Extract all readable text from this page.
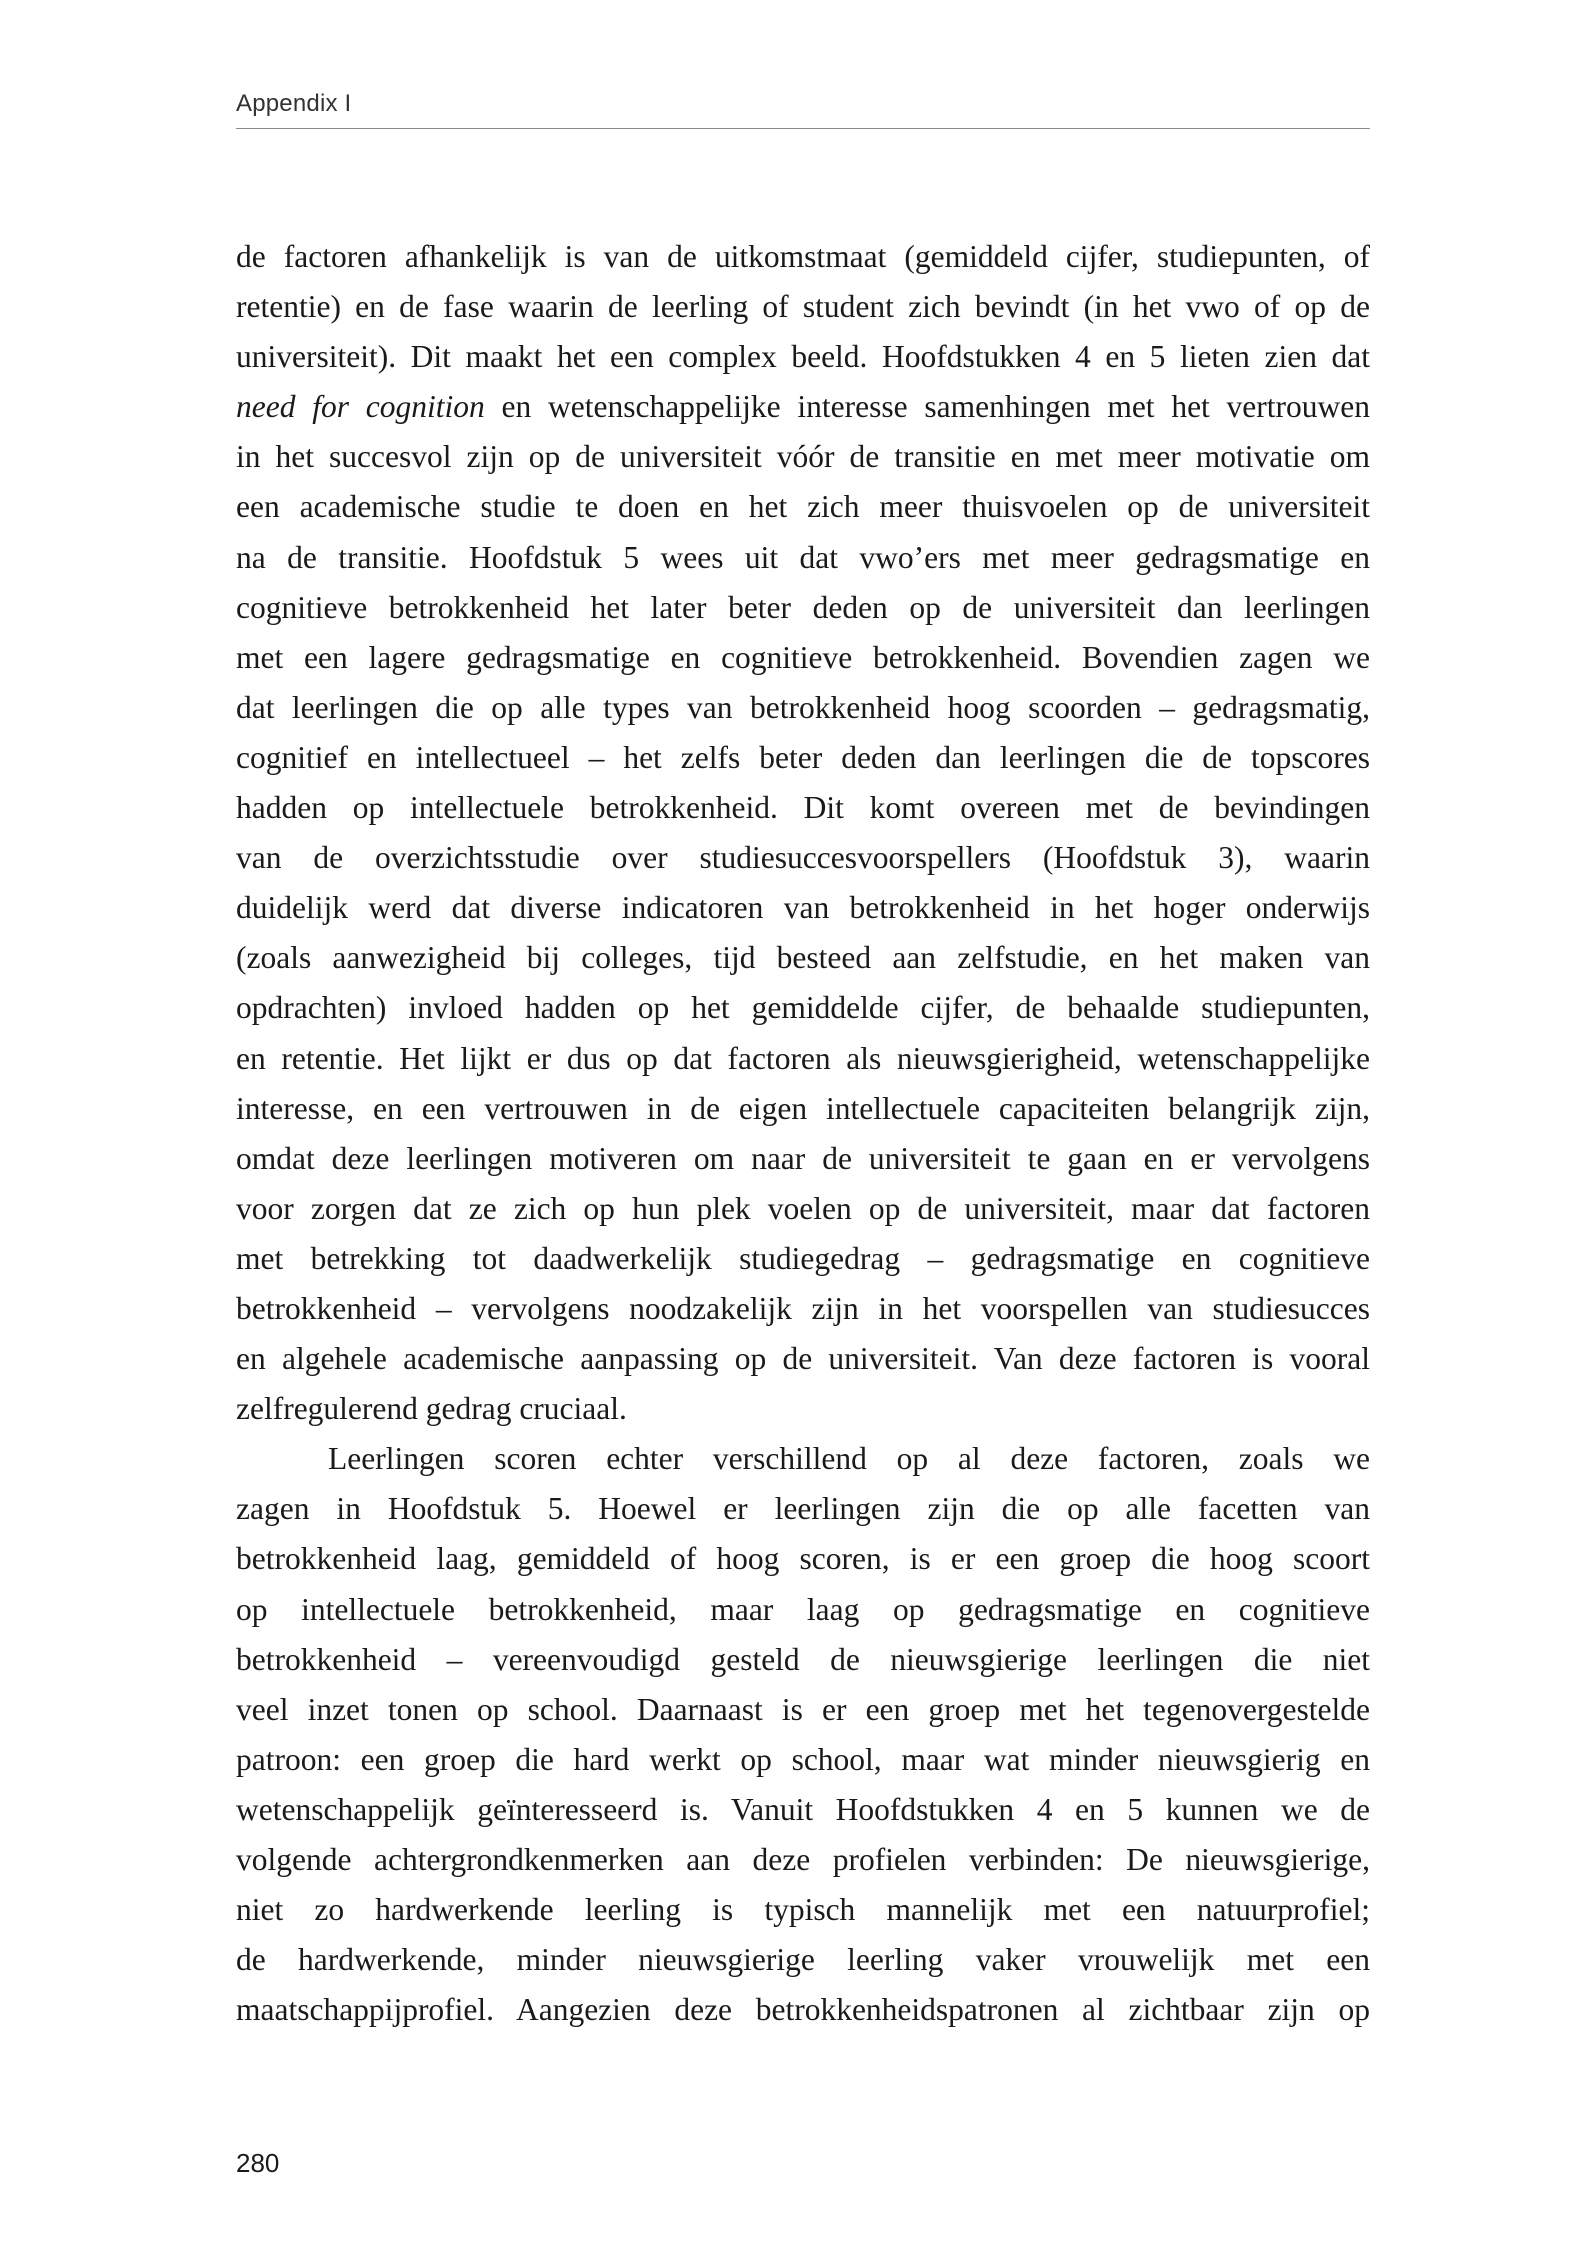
Appendix I
de factoren afhankelijk is van de uitkomstmaat (gemiddeld cijfer, studiepunten, of
retentie) en de fase waarin de leerling of student zich bevindt (in het vwo of op de
universiteit). Dit maakt het een complex beeld. Hoofdstukken 4 en 5 lieten zien dat
need for cognition en wetenschappelijke interesse samenhingen met het vertrouwen
in het succesvol zijn op de universiteit vóór de transitie en met meer motivatie om
een academische studie te doen en het zich meer thuisvoelen op de universiteit
na de transitie. Hoofdstuk 5 wees uit dat vwo’ers met meer gedragsmatige en
cognitieve betrokkenheid het later beter deden op de universiteit dan leerlingen
met een lagere gedragsmatige en cognitieve betrokkenheid. Bovendien zagen we
dat leerlingen die op alle types van betrokkenheid hoog scoorden – gedragsmatig,
cognitief en intellectueel – het zelfs beter deden dan leerlingen die de topscores
hadden op intellectuele betrokkenheid. Dit komt overeen met de bevindingen
van de overzichtsstudie over studiesuccesvoorspellers (Hoofdstuk 3), waarin
duidelijk werd dat diverse indicatoren van betrokkenheid in het hoger onderwijs
(zoals aanwezigheid bij colleges, tijd besteed aan zelfstudie, en het maken van
opdrachten) invloed hadden op het gemiddelde cijfer, de behaalde studiepunten,
en retentie. Het lijkt er dus op dat factoren als nieuwsgierigheid, wetenschappelijke
interesse, en een vertrouwen in de eigen intellectuele capaciteiten belangrijk zijn,
omdat deze leerlingen motiveren om naar de universiteit te gaan en er vervolgens
voor zorgen dat ze zich op hun plek voelen op de universiteit, maar dat factoren
met betrekking tot daadwerkelijk studiegedrag – gedragsmatige en cognitieve
betrokkenheid – vervolgens noodzakelijk zijn in het voorspellen van studiesucces
en algehele academische aanpassing op de universiteit. Van deze factoren is vooral
zelfregulerend gedrag cruciaal.
Leerlingen scoren echter verschillend op al deze factoren, zoals we
zagen in Hoofdstuk 5. Hoewel er leerlingen zijn die op alle facetten van
betrokkenheid laag, gemiddeld of hoog scoren, is er een groep die hoog scoort
op intellectuele betrokkenheid, maar laag op gedragsmatige en cognitieve
betrokkenheid – vereenvoudigd gesteld de nieuwsgierige leerlingen die niet
veel inzet tonen op school. Daarnaast is er een groep met het tegenovergestelde
patroon: een groep die hard werkt op school, maar wat minder nieuwsgierig en
wetenschappelijk geïnteresseerd is. Vanuit Hoofdstukken 4 en 5 kunnen we de
volgende achtergrondkenmerken aan deze profielen verbinden: De nieuwsgierige,
niet zo hardwerkende leerling is typisch mannelijk met een natuurprofiel;
de hardwerkende, minder nieuwsgierige leerling vaker vrouwelijk met een
maatschappijprofiel. Aangezien deze betrokkenheidspatronen al zichtbaar zijn op
280
